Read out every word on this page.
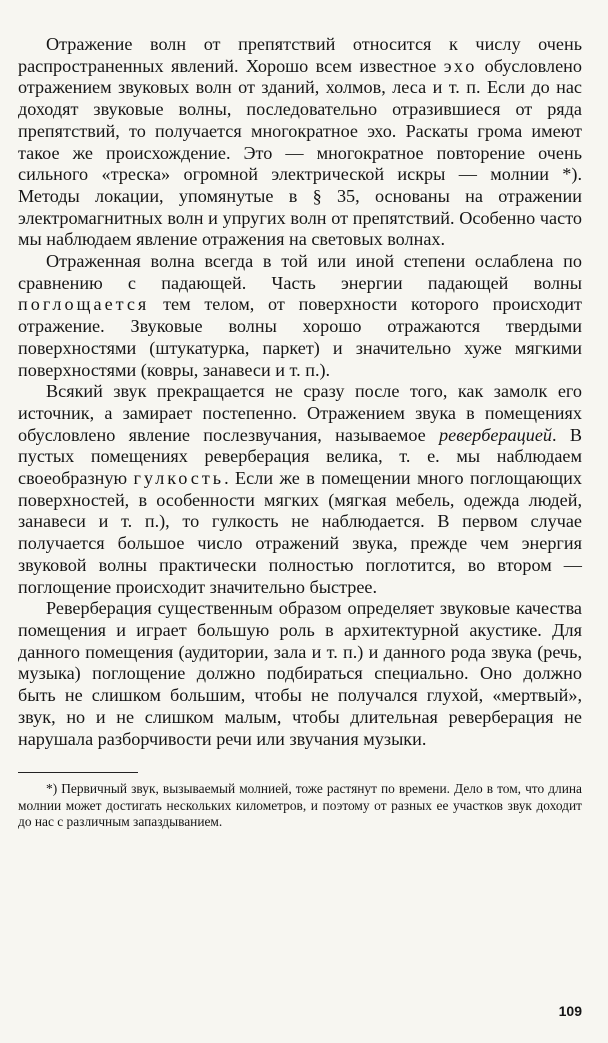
Отражение волн от препятствий относится к числу очень распространенных явлений. Хорошо всем известное эхо обусловлено отражением звуковых волн от зданий, холмов, леса и т. п. Если до нас доходят звуковые волны, последовательно отразившиеся от ряда препятствий, то получается многократное эхо. Раскаты грома имеют такое же происхождение. Это — многократное повторение очень сильного «треска» огромной электрической искры — молнии *). Методы локации, упомянутые в § 35, основаны на отражении электромагнитных волн и упругих волн от препятствий. Особенно часто мы наблюдаем явление отражения на световых волнах.

Отраженная волна всегда в той или иной степени ослаблена по сравнению с падающей. Часть энергии падающей волны поглощается тем телом, от поверхности которого происходит отражение. Звуковые волны хорошо отражаются твердыми поверхностями (штукатурка, паркет) и значительно хуже мягкими поверхностями (ковры, занавеси и т. п.).

Всякий звук прекращается не сразу после того, как замолк его источник, а замирает постепенно. Отражением звука в помещениях обусловлено явление послезвучания, называемое реверберацией. В пустых помещениях реверберация велика, т. е. мы наблюдаем своеобразную гулкость. Если же в помещении много поглощающих поверхностей, в особенности мягких (мягкая мебель, одежда людей, занавеси и т. п.), то гулкость не наблюдается. В первом случае получается большое число отражений звука, прежде чем энергия звуковой волны практически полностью поглотится, во втором — поглощение происходит значительно быстрее.

Реверберация существенным образом определяет звуковые качества помещения и играет большую роль в архитектурной акустике. Для данного помещения (аудитории, зала и т. п.) и данного рода звука (речь, музыка) поглощение должно подбираться специально. Оно должно быть не слишком большим, чтобы не получался глухой, «мертвый», звук, но и не слишком малым, чтобы длительная реверберация не нарушала разборчивости речи или звучания музыки.

*) Первичный звук, вызываемый молнией, тоже растянут по времени. Дело в том, что длина молнии может достигать нескольких километров, и поэтому от разных ее участков звук доходит до нас с различным запаздыванием.

109
